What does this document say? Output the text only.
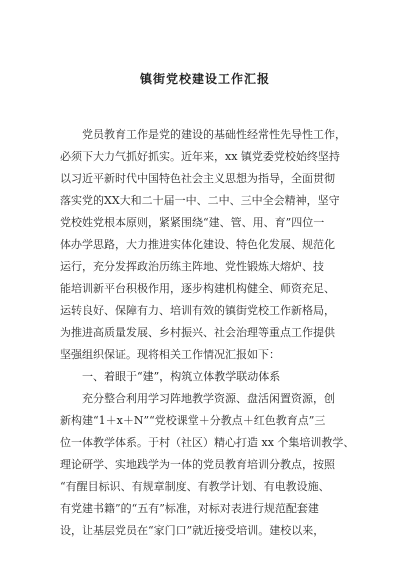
镇街党校建设工作汇报
党员教育工作是党的建设的基础性经常性先导性工作，
必须下大力气抓好抓实。近年来，xx 镇党委党校始终坚持
以习近平新时代中国特色社会主义思想为指导，全面贯彻
落实党的XX大和二十届一中、二中、三中全会精神，坚守
党校姓党根本原则，紧紧围绕“建、管、用、育”四位一
体办学思路，大力推进实体化建设、特色化发展、规范化
运行，充分发挥政治历练主阵地、党性锻炼大熔炉、技
能培训新平台积极作用，逐步构建机构健全、师资充足、
运转良好、保障有力、培训有效的镇街党校工作新格局，
为推进高质量发展、乡村振兴、社会治理等重点工作提供
坚强组织保证。现将相关工作情况汇报如下：
一、着眼于“建”，构筑立体教学联动体系
充分整合利用学习阵地教学资源、盘活闲置资源，创
新构建“1＋x＋N”“党校课堂＋分教点＋红色教育点”三
位一体教学体系。于村（社区）精心打造 xx 个集培训教学、
理论研学、实地践学为一体的党员教育培训分教点，按照
“有醒目标识、有规章制度、有教学计划、有电教设施、
有党建书籍”的“五有”标准，对标对表进行规范配套建
设，让基层党员在“家门口”就近接受培训。建校以来，
